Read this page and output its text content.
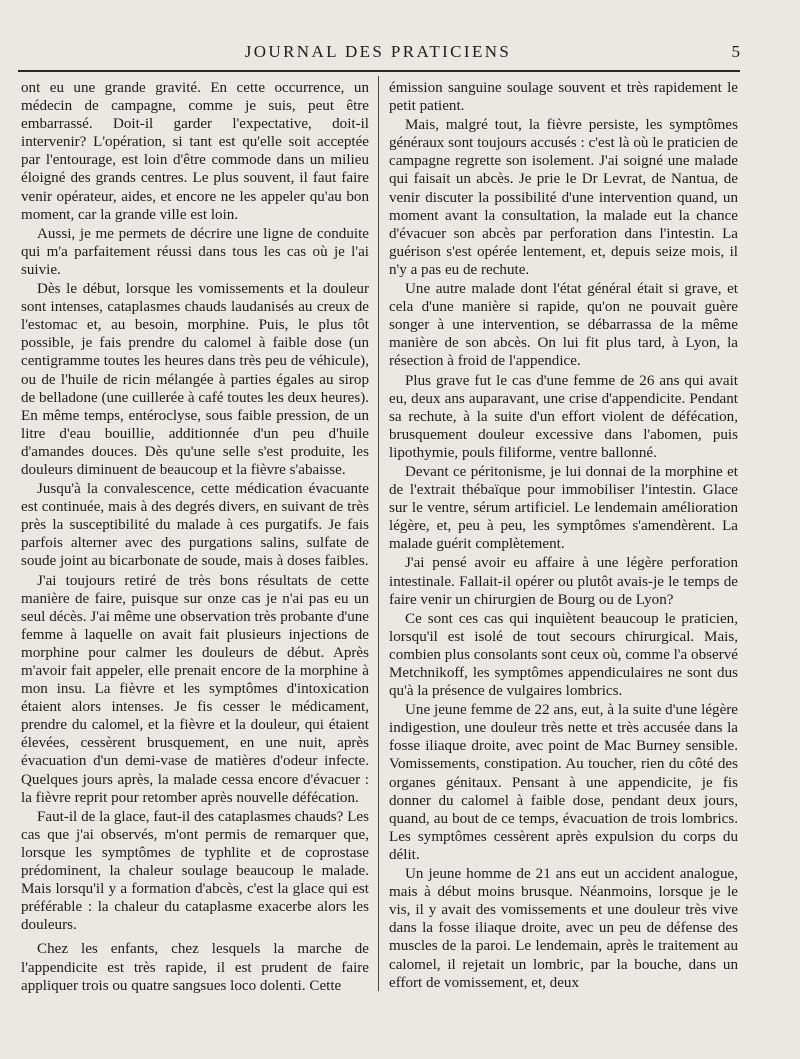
JOURNAL DES PRATICIENS	5

ont eu une grande gravité. En cette occurrence, un médecin de campagne, comme je suis, peut être embarrassé. Doit-il garder l'expectative, doit-il intervenir? L'opération, si tant est qu'elle soit acceptée par l'entourage, est loin d'être commode dans un milieu éloigné des grands centres. Le plus souvent, il faut faire venir opérateur, aides, et encore ne les appeler qu'au bon moment, car la grande ville est loin.

Aussi, je me permets de décrire une ligne de conduite qui m'a parfaitement réussi dans tous les cas où je l'ai suivie.

Dès le début, lorsque les vomissements et la douleur sont intenses, cataplasmes chauds laudanisés au creux de l'estomac et, au besoin, morphine. Puis, le plus tôt possible, je fais prendre du calomel à faible dose (un centigramme toutes les heures dans très peu de véhicule), ou de l'huile de ricin mélangée à parties égales au sirop de belladone (une cuillerée à café toutes les deux heures). En même temps, entéroclyse, sous faible pression, de un litre d'eau bouillie, additionnée d'un peu d'huile d'amandes douces. Dès qu'une selle s'est produite, les douleurs diminuent de beaucoup et la fièvre s'abaisse.

Jusqu'à la convalescence, cette médication évacuante est continuée, mais à des degrés divers, en suivant de très près la susceptibilité du malade à ces purgatifs. Je fais parfois alterner avec des purgations salins, sulfate de soude joint au bicarbonate de soude, mais à doses faibles.

J'ai toujours retiré de très bons résultats de cette manière de faire, puisque sur onze cas je n'ai pas eu un seul décès. J'ai même une observation très probante d'une femme à laquelle on avait fait plusieurs injections de morphine pour calmer les douleurs de début. Après m'avoir fait appeler, elle prenait encore de la morphine à mon insu. La fièvre et les symptômes d'intoxication étaient alors intenses. Je fis cesser le médicament, prendre du calomel, et la fièvre et la douleur, qui étaient élevées, cessèrent brusquement, en une nuit, après évacuation d'un demi-vase de matières d'odeur infecte. Quelques jours après, la malade cessa encore d'évacuer : la fièvre reprit pour retomber après nouvelle défécation.

Faut-il de la glace, faut-il des cataplasmes chauds? Les cas que j'ai observés, m'ont permis de remarquer que, lorsque les symptômes de typhlite et de coprostase prédominent, la chaleur soulage beaucoup le malade. Mais lorsqu'il y a formation d'abcès, c'est la glace qui est préférable : la chaleur du cataplasme exacerbe alors les douleurs.

Chez les enfants, chez lesquels la marche de l'appendicite est très rapide, il est prudent de faire appliquer trois ou quatre sangsues loco dolenti. Cette

émission sanguine soulage souvent et très rapidement le petit patient.

Mais, malgré tout, la fièvre persiste, les symptômes généraux sont toujours accusés : c'est là où le praticien de campagne regrette son isolement. J'ai soigné une malade qui faisait un abcès. Je prie le Dr Levrat, de Nantua, de venir discuter la possibilité d'une intervention quand, un moment avant la consultation, la malade eut la chance d'évacuer son abcès par perforation dans l'intestin. La guérison s'est opérée lentement, et, depuis seize mois, il n'y a pas eu de rechute.

Une autre malade dont l'état général était si grave, et cela d'une manière si rapide, qu'on ne pouvait guère songer à une intervention, se débarrassa de la même manière de son abcès. On lui fit plus tard, à Lyon, la résection à froid de l'appendice.

Plus grave fut le cas d'une femme de 26 ans qui avait eu, deux ans auparavant, une crise d'appendicite. Pendant sa rechute, à la suite d'un effort violent de défécation, brusquement douleur excessive dans l'abomen, puis lipothymie, pouls filiforme, ventre ballonné.

Devant ce péritonisme, je lui donnai de la morphine et de l'extrait thébaïque pour immobiliser l'intestin. Glace sur le ventre, sérum artificiel. Le lendemain amélioration légère, et, peu à peu, les symptômes s'amendèrent. La malade guérit complètement.

J'ai pensé avoir eu affaire à une légère perforation intestinale. Fallait-il opérer ou plutôt avais-je le temps de faire venir un chirurgien de Bourg ou de Lyon?

Ce sont ces cas qui inquiètent beaucoup le praticien, lorsqu'il est isolé de tout secours chirurgical. Mais, combien plus consolants sont ceux où, comme l'a observé Metchnikoff, les symptômes appendiculaires ne sont dus qu'à la présence de vulgaires lombrics.

Une jeune femme de 22 ans, eut, à la suite d'une légère indigestion, une douleur très nette et très accusée dans la fosse iliaque droite, avec point de Mac Burney sensible. Vomissements, constipation. Au toucher, rien du côté des organes génitaux. Pensant à une appendicite, je fis donner du calomel à faible dose, pendant deux jours, quand, au bout de ce temps, évacuation de trois lombrics. Les symptômes cessèrent après expulsion du corps du délit.

Un jeune homme de 21 ans eut un accident analogue, mais à début moins brusque. Néanmoins, lorsque je le vis, il y avait des vomissements et une douleur très vive dans la fosse iliaque droite, avec un peu de défense des muscles de la paroi. Le lendemain, après le traitement au calomel, il rejetait un lombric, par la bouche, dans un effort de vomissement, et, deux
